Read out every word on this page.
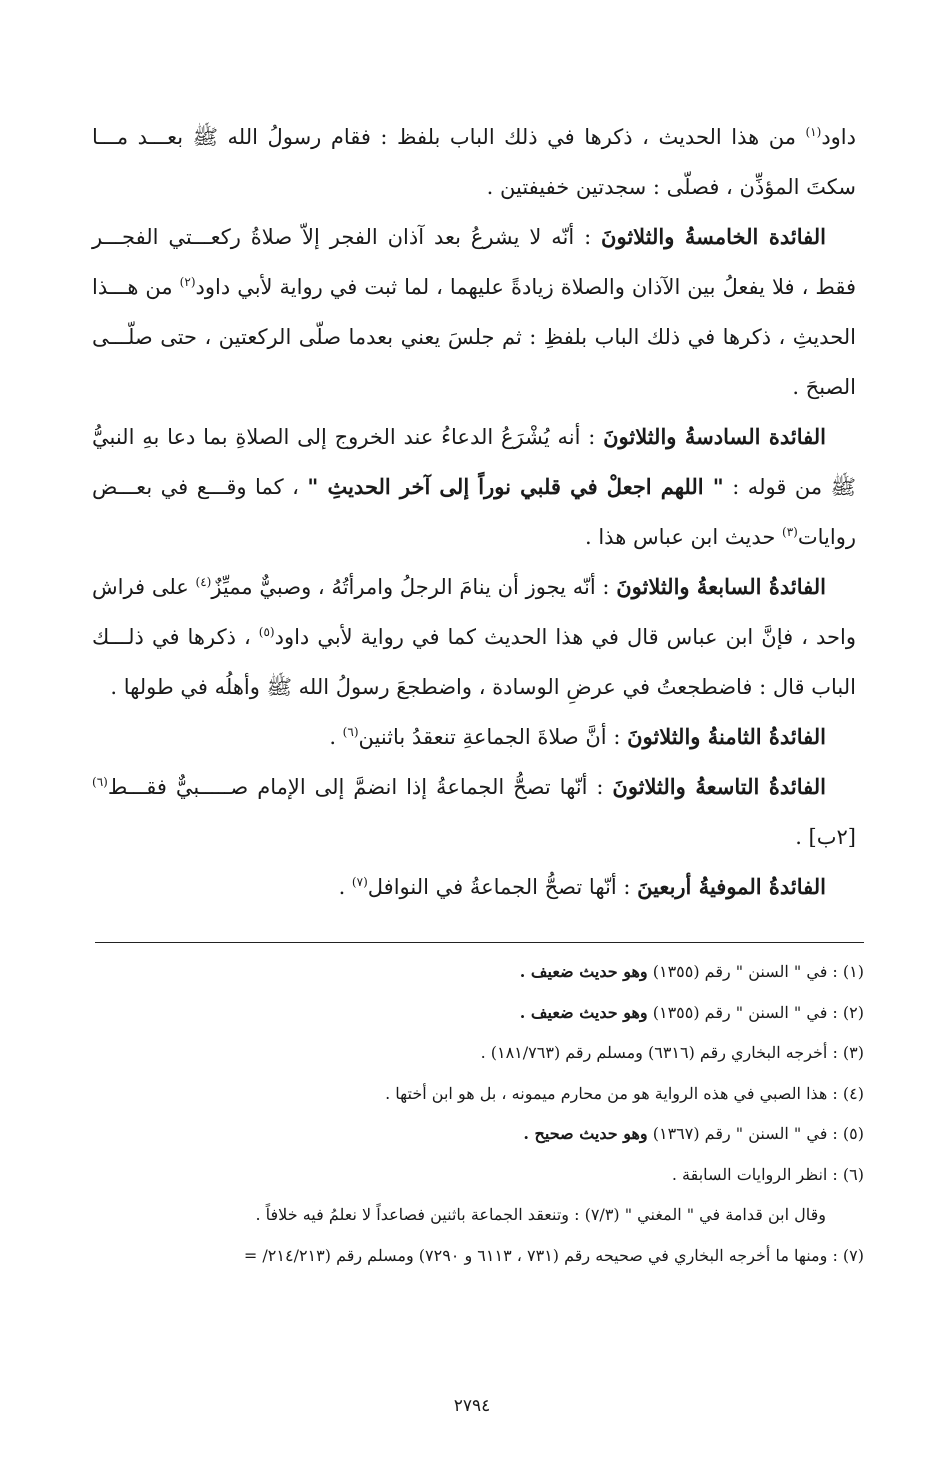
داود$^{(١)}$ من هذا الحديث ، ذكرها في ذلك الباب بلفظ : فقام رسولُ الله ﷺ بعـــد مـــا سكتَ المؤذِّن ، فصلّى : سجدتين خفيفتين .

الفائدة الخامسةُ والثلاثونَ : أنّه لا يشرعُ بعد آذان الفجر إلاّ صلاةُ ركعـــتي الفجـــر فقط ، فلا يفعلُ بين الآذان والصلاة زيادةً عليهما ، لما ثبت في رواية لأبي داود$^{(٢)}$ من هـــذا الحديثِ ، ذكرها في ذلك الباب بلفظِ : ثم جلسَ يعني بعدما صلّى الركعتين ، حتى صلّـــى الصبحَ .

الفائدة السادسةُ والثلاثونَ : أنه يُشْرَعُ الدعاءُ عند الخروج إلى الصلاةِ بما دعا بهِ النبيُّ ﷺ من قوله : " اللهم اجعلْ في قلبي نوراً إلى آخر الحديثِ " ، كما وقـــع في بعـــض روايات$^{(٣)}$ حديث ابن عباس هذا .

الفائدةُ السابعةُ والثلاثونَ : أنّه يجوز أن ينامَ الرجلُ وامرأتُهُ ، وصبيٌّ مميِّزٌ$^{(٤)}$ على فراش واحد ، فإنَّ ابن عباس قال في هذا الحديث كما في رواية لأبي داود$^{(٥)}$ ، ذكرها في ذلـــك الباب قال : فاضطجعتُ في عرضِ الوسادة ، واضطجعَ رسولُ الله ﷺ وأهلُه في طولها .

الفائدةُ الثامنةُ والثلاثونَ : أنَّ صلاةَ الجماعةِ تنعقدُ باثنين$^{(٦)}$ .

الفائدةُ التاسعةُ والثلاثونَ : أنّها تصحُّ الجماعةُ إذا انضمَّ إلى الإمام صـــــبيٌّ فقـــط$^{(٦)}$ [٢ب] .

الفائدةُ الموفيةُ أربعينَ : أنّها تصحُّ الجماعةُ في النوافل$^{(٧)}$ .

(١) : في " السنن " رقم (١٣٥٥) وهو حديث ضعيف .

(٢) : في " السنن " رقم (١٣٥٥) وهو حديث ضعيف .

(٣) : أخرجه البخاري رقم (٦٣١٦) ومسلم رقم (١٨١/٧٦٣) .

(٤) : هذا الصبي في هذه الرواية هو من محارم ميمونه ، بل هو ابن أختها .

(٥) : في " السنن " رقم (١٣٦٧) وهو حديث صحيح .

(٦) : انظر الروايات السابقة .

وقال ابن قدامة في " المغني " (٧/٣) : وتنعقد الجماعة باثنين فصاعداً لا نعلمُ فيه خلافاً .

(٧) : ومنها ما أخرجه البخاري في صحيحه رقم (٧٣١ ، ٦١١٣ و ٧٢٩٠) ومسلم رقم (٢١٤/٢١٣/ =

٢٧٩٤
